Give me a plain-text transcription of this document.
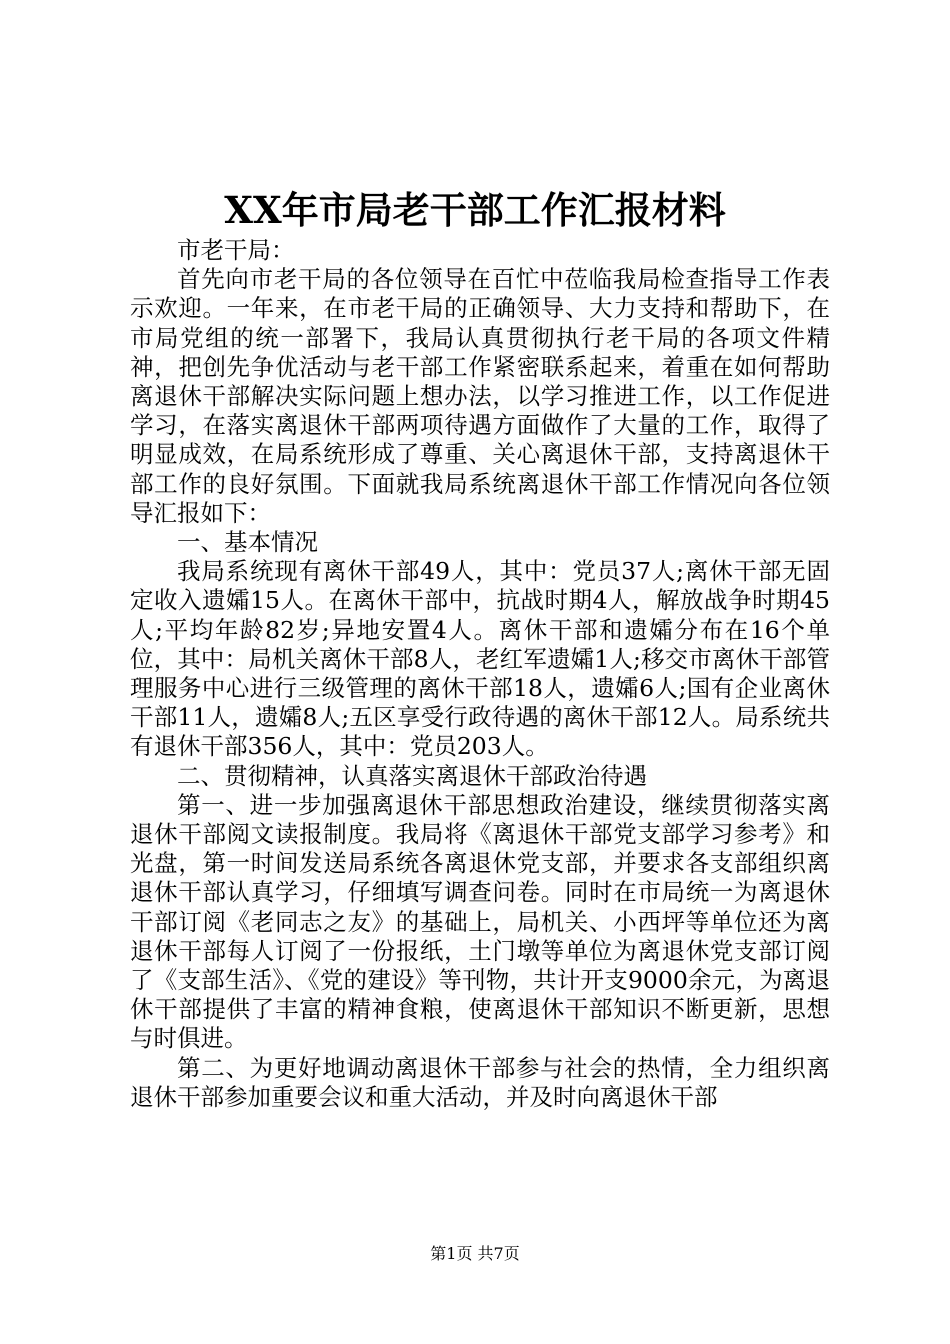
XX年市局老干部工作汇报材料

市老干局：

首先向市老干局的各位领导在百忙中莅临我局检查指导工作表示欢迎。一年来，在市老干局的正确领导、大力支持和帮助下，在市局党组的统一部署下，我局认真贯彻执行老干局的各项文件精神，把创先争优活动与老干部工作紧密联系起来，着重在如何帮助离退休干部解决实际问题上想办法，以学习推进工作，以工作促进学习，在落实离退休干部两项待遇方面做作了大量的工作，取得了明显成效，在局系统形成了尊重、关心离退休干部，支持离退休干部工作的良好氛围。下面就我局系统离退休干部工作情况向各位领导汇报如下：

一、基本情况

我局系统现有离休干部49人，其中：党员37人;离休干部无固定收入遗孀15人。在离休干部中，抗战时期4人，解放战争时期45人;平均年龄82岁;异地安置4人。离休干部和遗孀分布在16个单位，其中：局机关离休干部8人，老红军遗孀1人;移交市离休干部管理服务中心进行三级管理的离休干部18人，遗孀6人;国有企业离休干部11人，遗孀8人;五区享受行政待遇的离休干部12人。局系统共有退休干部356人，其中：党员203人。

二、贯彻精神，认真落实离退休干部政治待遇

第一、进一步加强离退休干部思想政治建设，继续贯彻落实离退休干部阅文读报制度。我局将《离退休干部党支部学习参考》和光盘，第一时间发送局系统各离退休党支部，并要求各支部组织离退休干部认真学习，仔细填写调查问卷。同时在市局统一为离退休干部订阅《老同志之友》的基础上，局机关、小西坪等单位还为离退休干部每人订阅了一份报纸，土门墩等单位为离退休党支部订阅了《支部生活》、《党的建设》等刊物，共计开支9000余元，为离退休干部提供了丰富的精神食粮，使离退休干部知识不断更新，思想与时俱进。

第二、为更好地调动离退休干部参与社会的热情，全力组织离退休干部参加重要会议和重大活动，并及时向离退休干部

第1页 共7页
